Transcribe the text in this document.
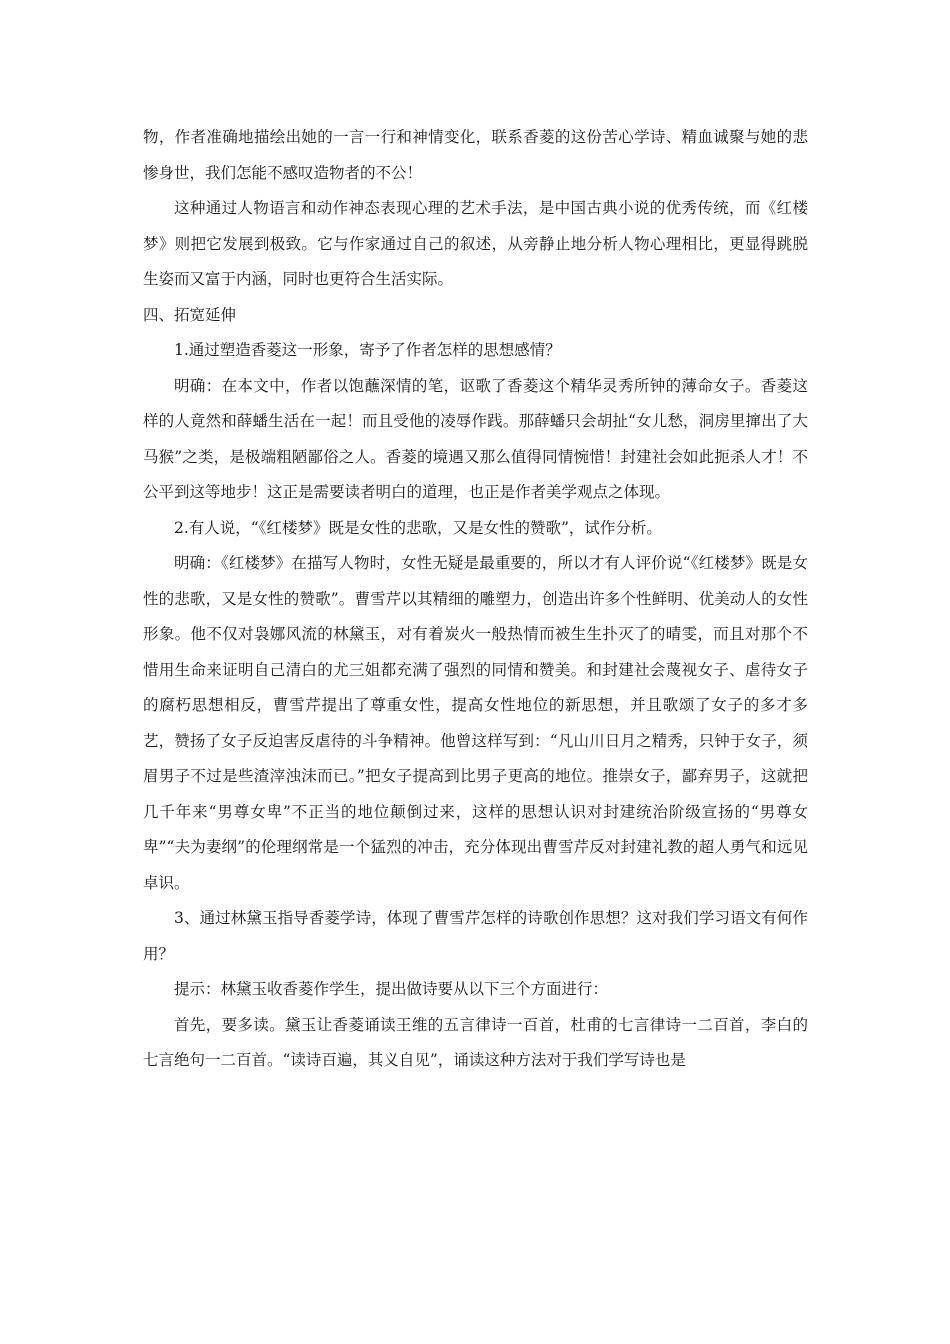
物，作者准确地描绘出她的一言一行和神情变化，联系香菱的这份苦心学诗、精血诚聚与她的悲惨身世，我们怎能不感叹造物者的不公！

这种通过人物语言和动作神态表现心理的艺术手法，是中国古典小说的优秀传统，而《红楼梦》则把它发展到极致。它与作家通过自己的叙述，从旁静止地分析人物心理相比，更显得跳脱生姿而又富于内涵，同时也更符合生活实际。

四、拓宽延伸

1.通过塑造香菱这一形象，寄予了作者怎样的思想感情？

明确：在本文中，作者以饱蘸深情的笔，讴歌了香菱这个精华灵秀所钟的薄命女子。香菱这样的人竟然和薛蟠生活在一起！而且受他的凌辱作践。那薛蟠只会胡扯“女儿愁，洞房里撺出了大马猴”之类，是极端粗陋鄙俗之人。香菱的境遇又那么值得同情惋惜！封建社会如此扼杀人才！不公平到这等地步！这正是需要读者明白的道理，也正是作者美学观点之体现。

2.有人说，“《红楼梦》既是女性的悲歌，又是女性的赞歌”，试作分析。

明确：《红楼梦》在描写人物时，女性无疑是最重要的，所以才有人评价说“《红楼梦》既是女性的悲歌，又是女性的赞歌”。曹雪芹以其精细的雕塑力，创造出许多个性鲜明、优美动人的女性形象。他不仅对袅娜风流的林黛玉，对有着炭火一般热情而被生生扑灭了的晴雯，而且对那个不惜用生命来证明自己清白的尤三姐都充满了强烈的同情和赞美。和封建社会蔑视女子、虐待女子的腐朽思想相反，曹雪芹提出了尊重女性，提高女性地位的新思想，并且歌颂了女子的多才多艺，赞扬了女子反迫害反虐待的斗争精神。他曾这样写到：“凡山川日月之精秀，只钟于女子，须眉男子不过是些渣滓浊沫而已。”把女子提高到比男子更高的地位。推崇女子，鄙弃男子，这就把几千年来“男尊女卑”不正当的地位颠倒过来，这样的思想认识对封建统治阶级宣扬的“男尊女卑”“夫为妻纲”的伦理纲常是一个猛烈的冲击，充分体现出曹雪芹反对封建礼教的超人勇气和远见卓识。

3、通过林黛玉指导香菱学诗，体现了曹雪芹怎样的诗歌创作思想？这对我们学习语文有何作用？

提示：林黛玉收香菱作学生，提出做诗要从以下三个方面进行：

首先，要多读。黛玉让香菱诵读王维的五言律诗一百首，杜甫的七言律诗一二百首，李白的七言绝句一二百首。“读诗百遍，其义自见”，诵读这种方法对于我们学写诗也是
